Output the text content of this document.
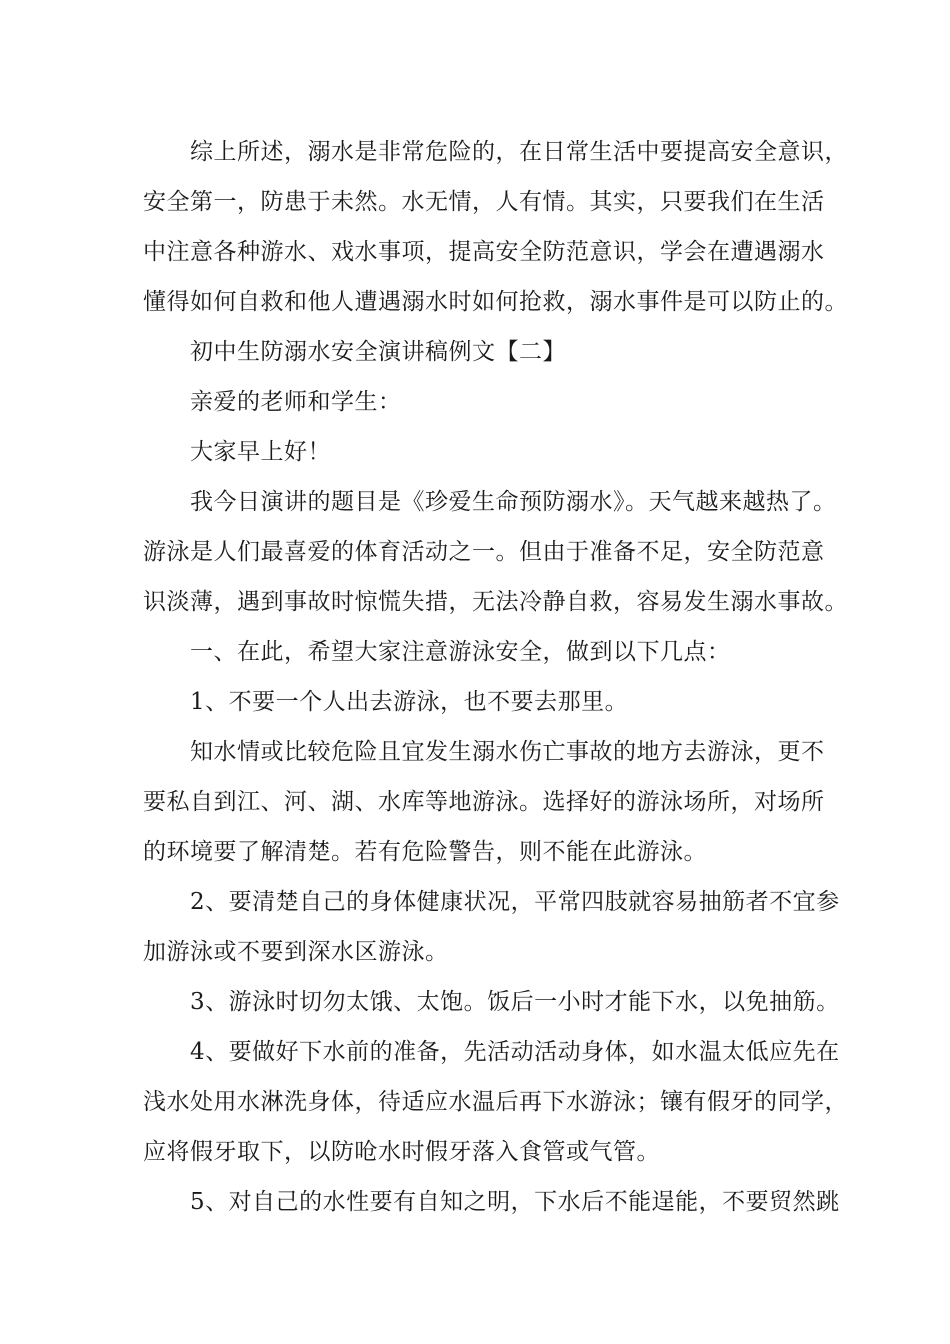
综上所述，溺水是非常危险的，在日常生活中要提高安全意识，
安全第一，防患于未然。水无情，人有情。其实，只要我们在生活
中注意各种游水、戏水事项，提高安全防范意识，学会在遭遇溺水
懂得如何自救和他人遭遇溺水时如何抢救，溺水事件是可以防止的。
初中生防溺水安全演讲稿例文【二】
亲爱的老师和学生：
大家早上好！
我今日演讲的题目是《珍爱生命预防溺水》。天气越来越热了。
游泳是人们最喜爱的体育活动之一。但由于准备不足，安全防范意
识淡薄，遇到事故时惊慌失措，无法冷静自救，容易发生溺水事故。
一、在此，希望大家注意游泳安全，做到以下几点：
1、不要一个人出去游泳，也不要去那里。
知水情或比较危险且宜发生溺水伤亡事故的地方去游泳，更不
要私自到江、河、湖、水库等地游泳。选择好的游泳场所，对场所
的环境要了解清楚。若有危险警告，则不能在此游泳。
2、要清楚自己的身体健康状况，平常四肢就容易抽筋者不宜参
加游泳或不要到深水区游泳。
3、游泳时切勿太饿、太饱。饭后一小时才能下水，以免抽筋。
4、要做好下水前的准备，先活动活动身体，如水温太低应先在
浅水处用水淋洗身体，待适应水温后再下水游泳；镶有假牙的同学，
应将假牙取下，以防呛水时假牙落入食管或气管。
5、对自己的水性要有自知之明，下水后不能逞能，不要贸然跳
